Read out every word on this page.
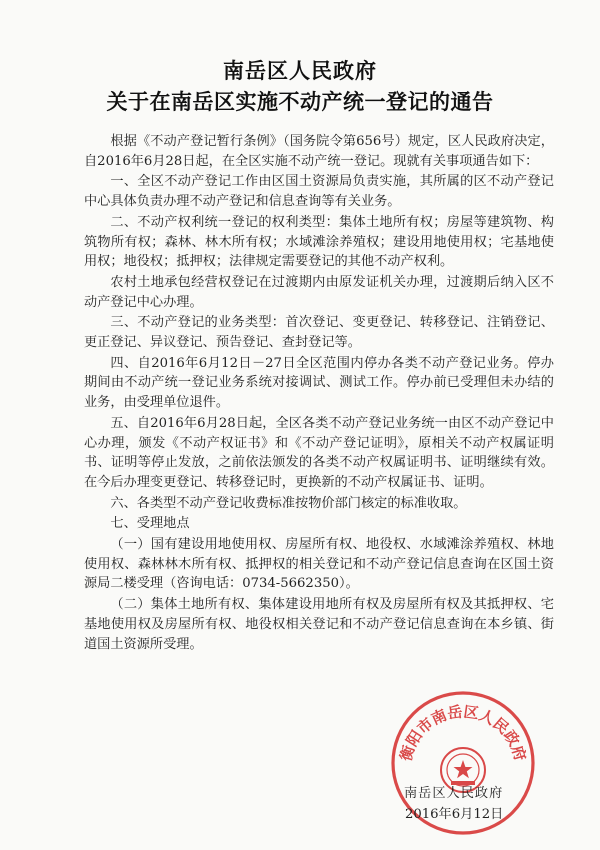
南岳区人民政府
关于在南岳区实施不动产统一登记的通告

根据《不动产登记暂行条例》（国务院令第656号）规定，区人民政府决定，自2016年6月28日起，在全区实施不动产统一登记。现就有关事项通告如下：

一、全区不动产登记工作由区国土资源局负责实施，其所属的区不动产登记中心具体负责办理不动产登记和信息查询等有关业务。

二、不动产权利统一登记的权利类型：集体土地所有权；房屋等建筑物、构筑物所有权；森林、林木所有权；水域滩涂养殖权；建设用地使用权；宅基地使用权；地役权；抵押权；法律规定需要登记的其他不动产权利。

农村土地承包经营权登记在过渡期内由原发证机关办理，过渡期后纳入区不动产登记中心办理。

三、不动产登记的业务类型：首次登记、变更登记、转移登记、注销登记、更正登记、异议登记、预告登记、查封登记等。

四、自2016年6月12日－27日全区范围内停办各类不动产登记业务。停办期间由不动产统一登记业务系统对接调试、测试工作。停办前已受理但未办结的业务，由受理单位退件。

五、自2016年6月28日起，全区各类不动产登记业务统一由区不动产登记中心办理，颁发《不动产权证书》和《不动产登记证明》，原相关不动产权属证明书、证明等停止发放，之前依法颁发的各类不动产权属证明书、证明继续有效。在今后办理变更登记、转移登记时，更换新的不动产权属证书、证明。

六、各类型不动产登记收费标准按物价部门核定的标准收取。

七、受理地点

（一）国有建设用地使用权、房屋所有权、地役权、水域滩涂养殖权、林地使用权、森林林木所有权、抵押权的相关登记和不动产登记信息查询在区国土资源局二楼受理（咨询电话：0734-5662350）。

（二）集体土地所有权、集体建设用地所有权及房屋所有权及其抵押权、宅基地使用权及房屋所有权、地役权相关登记和不动产登记信息查询在本乡镇、街道国土资源所受理。

衡阳市南岳区人民政府
南岳区人民政府
2016年6月12日
